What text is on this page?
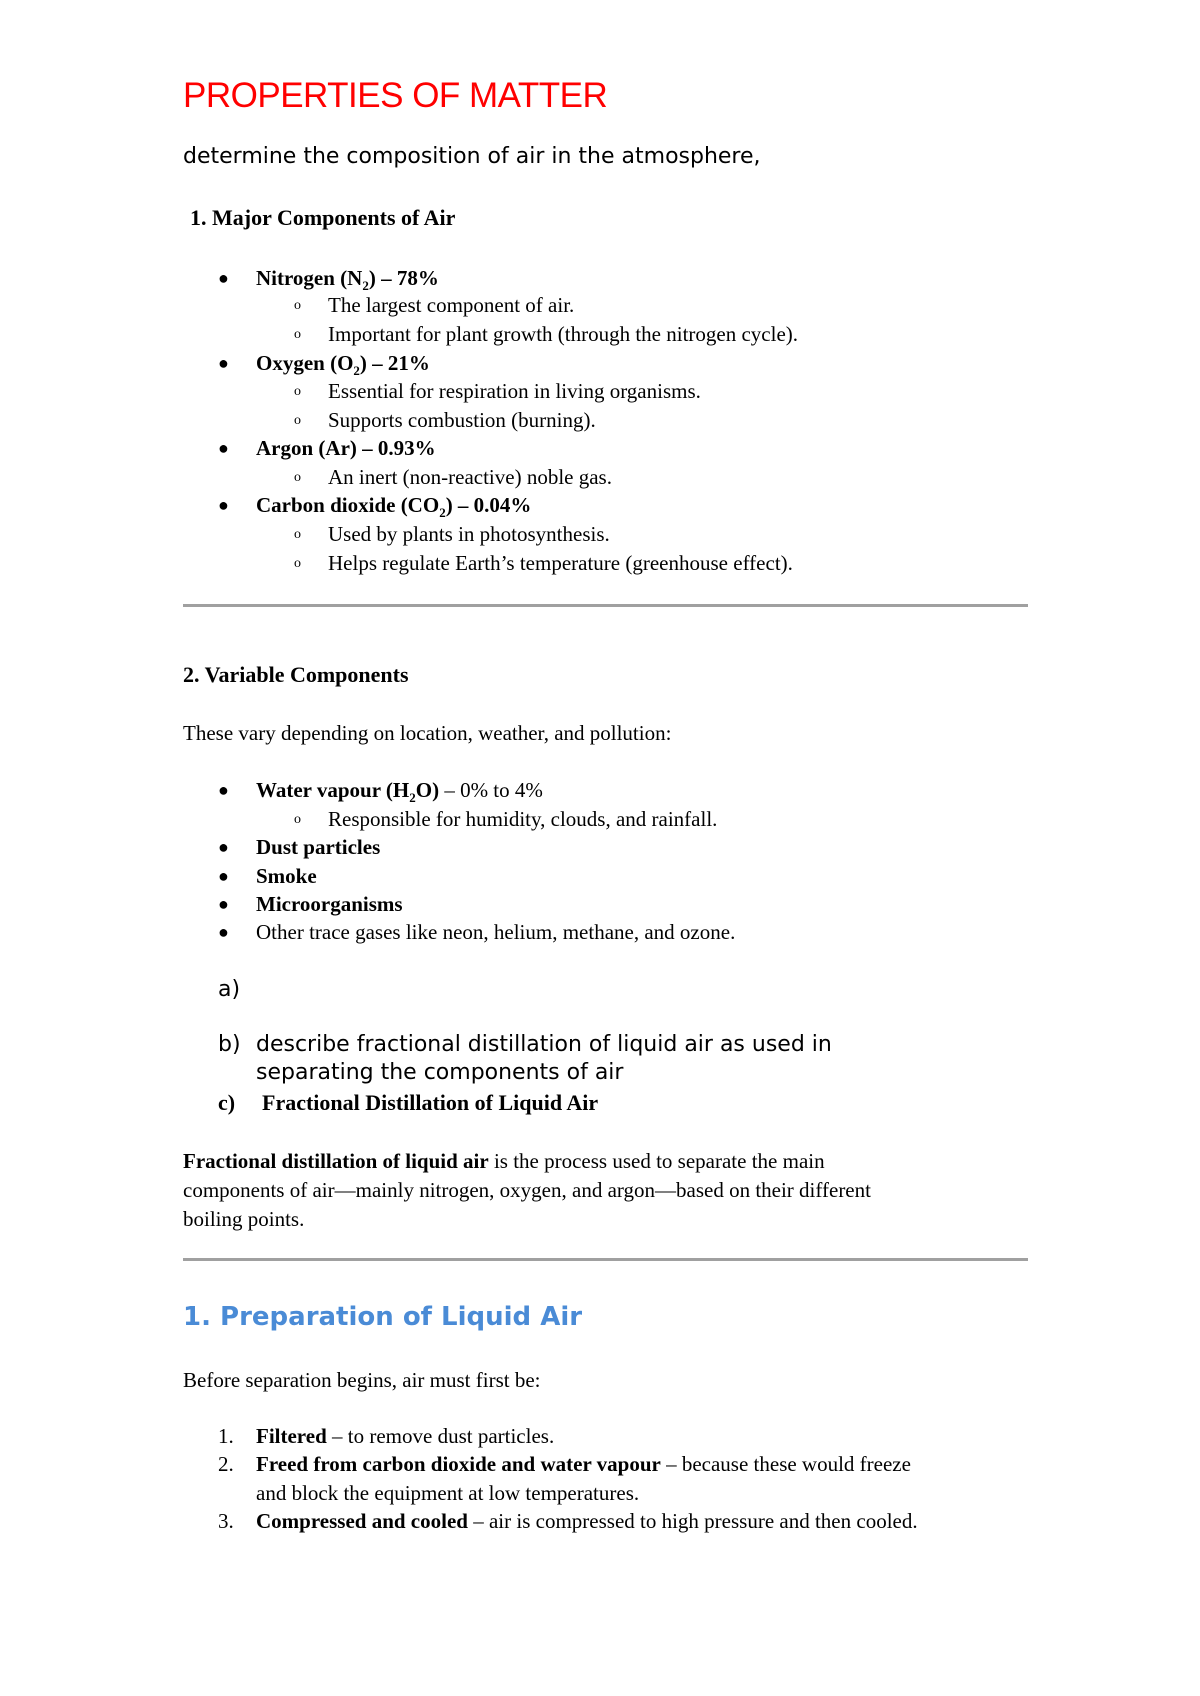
PROPERTIES OF MATTER
determine the composition of air in the atmosphere,
1. Major Components of Air
● Nitrogen $(N_2) - 78\%$
o The largest component of air.
o Important for plant growth (through the nitrogen cycle).
● Oxygen $(O_2) - 21\%$
o Essential for respiration in living organisms.
o Supports combustion (burning).
● Argon (Ar) – 0.93%
o An inert (non-reactive) noble gas.
● Carbon dioxide $(CO_2) - 0.04\%$
o Used by plants in photosynthesis.
o Helps regulate Earth’s temperature (greenhouse effect).
2. Variable Components
These vary depending on location, weather, and pollution:
● Water vapour $(H_2O) - 0\%$ to 4%
o Responsible for humidity, clouds, and rainfall.
● Dust particles
● Smoke
● Microorganisms
● Other trace gases like neon, helium, methane, and ozone.
a)
b) describe fractional distillation of liquid air as used in
separating the components of air
c) Fractional Distillation of Liquid Air
Fractional distillation of liquid air is the process used to separate the main
components of air—mainly nitrogen, oxygen, and argon—based on their different
boiling points.
1. Preparation of Liquid Air
Before separation begins, air must first be:
1. Filtered – to remove dust particles.
2. Freed from carbon dioxide and water vapour – because these would freeze
and block the equipment at low temperatures.
3. Compressed and cooled – air is compressed to high pressure and then cooled.
